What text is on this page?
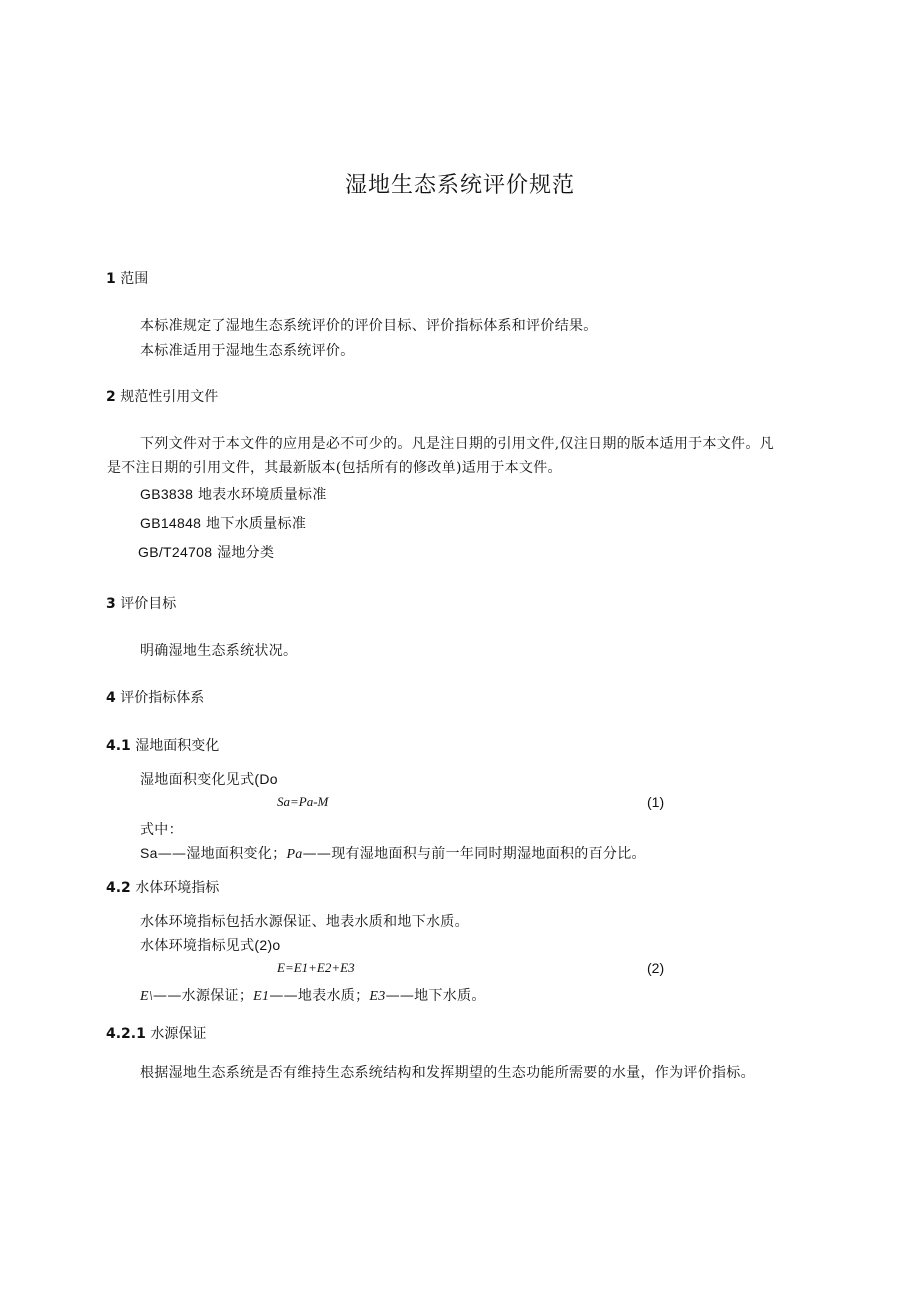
湿地生态系统评价规范
1 范围
本标准规定了湿地生态系统评价的评价目标、评价指标体系和评价结果。
本标准适用于湿地生态系统评价。
2 规范性引用文件
下列文件对于本文件的应用是必不可少的。凡是注日期的引用文件,仅注日期的版本适用于本文件。凡
是不注日期的引用文件，其最新版本(包括所有的修改单)适用于本文件。
GB3838 地表水环境质量标准
GB14848 地下水质量标准
GB/T24708 湿地分类
3 评价目标
明确湿地生态系统状况。
4 评价指标体系
4.1 湿地面积变化
湿地面积变化见式(Do
Sa=Pa-M	(1)
式中：
Sa——湿地面积变化；Pa——现有湿地面积与前一年同时期湿地面积的百分比。
4.2 水体环境指标
水体环境指标包括水源保证、地表水质和地下水质。
水体环境指标见式(2)o
E=E1+E2+E3	(2)
E\——水源保证；E1——地表水质；E3——地下水质。
4.2.1 水源保证
根据湿地生态系统是否有维持生态系统结构和发挥期望的生态功能所需要的水量，作为评价指标。
